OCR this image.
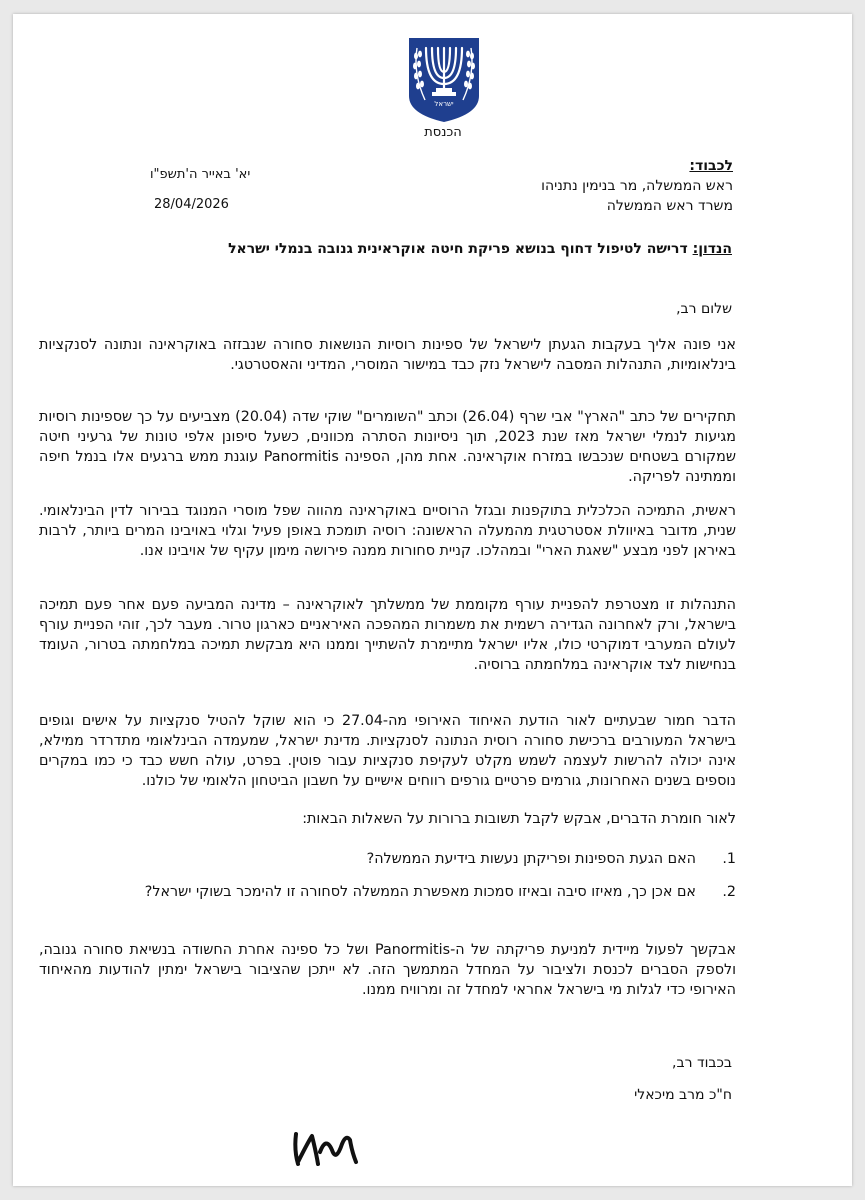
ישראל
הכנסת
לכבוד:
ראש הממשלה, מר בנימין נתניהו
משרד ראש הממשלה
יא' באייר ה'תשפ"ו
28/04/2026
הנדון: דרישה לטיפול דחוף בנושא פריקת חיטה אוקראינית גנובה בנמלי ישראל
שלום רב,
אני פונה אליך בעקבות הגעתן לישראל של ספינות רוסיות הנושאות סחורה שנבזזה באוקראינה ונתונה לסנקציות בינלאומיות, התנהלות המסבה לישראל נזק כבד במישור המוסרי, המדיני והאסטרטגי.
תחקירים של כתב "הארץ" אבי שרף (26.04) וכתב "השומרים" שוקי שדה (20.04) מצביעים על כך שספינות רוסיות מגיעות לנמלי ישראל מאז שנת 2023, תוך ניסיונות הסתרה מכוונים, כשעל סיפונן אלפי טונות של גרעיני חיטה שמקורם בשטחים שנכבשו במזרח אוקראינה. אחת מהן, הספינה Panormitis עוגנת ממש ברגעים אלו בנמל חיפה וממתינה לפריקה.
ראשית, התמיכה הכלכלית בתוקפנות ובגזל הרוסיים באוקראינה מהווה שפל מוסרי המנוגד בבירור לדין הבינלאומי. שנית, מדובר באיוולת אסטרטגית מהמעלה הראשונה: רוסיה תומכת באופן פעיל וגלוי באויבינו המרים ביותר, לרבות באיראן לפני מבצע "שאגת הארי" ובמהלכו. קניית סחורות ממנה פירושה מימון עקיף של אויבינו אנו.
התנהלות זו מצטרפת להפניית עורף מקוממת של ממשלתך לאוקראינה – מדינה המביעה פעם אחר פעם תמיכה בישראל, ורק לאחרונה הגדירה רשמית את משמרות המהפכה האיראניים כארגון טרור. מעבר לכך, זוהי הפניית עורף לעולם המערבי דמוקרטי כולו, אליו ישראל מתיימרת להשתייך וממנו היא מבקשת תמיכה במלחמתה בטרור, העומד בנחישות לצד אוקראינה במלחמתה ברוסיה.
הדבר חמור שבעתיים לאור הודעת האיחוד האירופי מה-27.04 כי הוא שוקל להטיל סנקציות על אישים וגופים בישראל המעורבים ברכישת סחורה רוסית הנתונה לסנקציות. מדינת ישראל, שמעמדה הבינלאומי מתדרדר ממילא, אינה יכולה להרשות לעצמה לשמש מקלט לעקיפת סנקציות עבור פוטין. בפרט, עולה חשש כבד כי כמו במקרים נוספים בשנים האחרונות, גורמים פרטיים גורפים רווחים אישיים על חשבון הביטחון הלאומי של כולנו.
לאור חומרת הדברים, אבקש לקבל תשובות ברורות על השאלות הבאות:
1.
האם הגעת הספינות ופריקתן נעשות בידיעת הממשלה?
2.
אם אכן כך, מאיזו סיבה ובאיזו סמכות מאפשרת הממשלה לסחורה זו להימכר בשוקי ישראל?
אבקשך לפעול מיידית למניעת פריקתה של ה-Panormitis ושל כל ספינה אחרת החשודה בנשיאת סחורה גנובה, ולספק הסברים לכנסת ולציבור על המחדל המתמשך הזה. לא ייתכן שהציבור בישראל ימתין להודעות מהאיחוד האירופי כדי לגלות מי בישראל אחראי למחדל זה ומרוויח ממנו.
בכבוד רב,
ח"כ מרב מיכאלי
